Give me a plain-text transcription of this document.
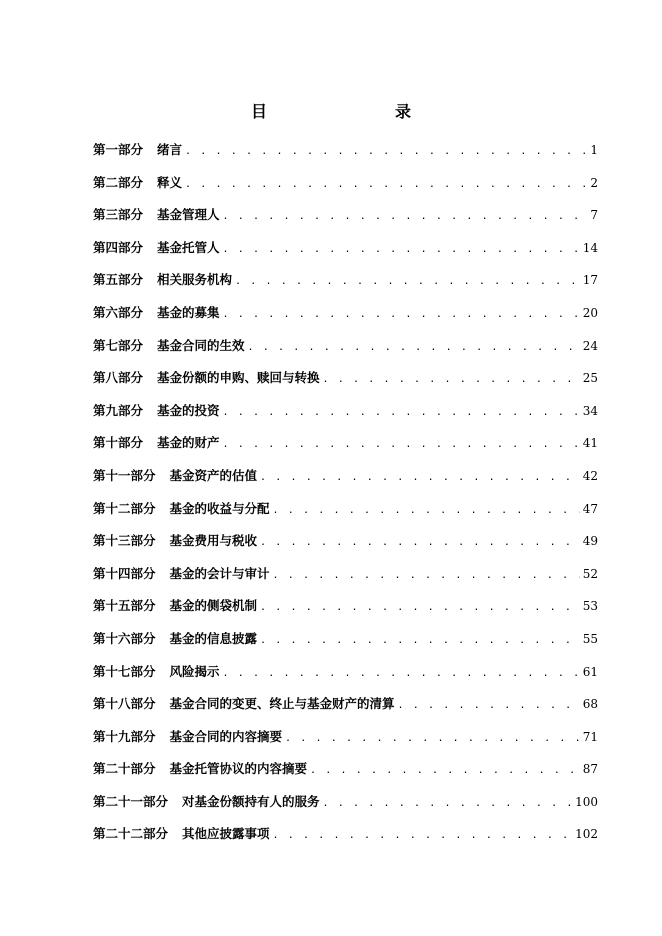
目　　录
第一部分 绪言 . . .	1
第二部分 释义 . . .	2
第三部分 基金管理人 . . .	7
第四部分 基金托管人 . . .	14
第五部分 相关服务机构 . . .	17
第六部分 基金的募集 . . .	20
第七部分 基金合同的生效 . . .	24
第八部分 基金份额的申购、赎回与转换 . . .	25
第九部分 基金的投资 . . .	34
第十部分 基金的财产 . . .	41
第十一部分 基金资产的估值 . . .	42
第十二部分 基金的收益与分配 . . .	47
第十三部分 基金费用与税收 . . .	49
第十四部分 基金的会计与审计 . . .	52
第十五部分 基金的侧袋机制 . . .	53
第十六部分 基金的信息披露 . . .	55
第十七部分 风险揭示 . . .	61
第十八部分 基金合同的变更、终止与基金财产的清算 . . .	68
第十九部分 基金合同的内容摘要 . . .	71
第二十部分 基金托管协议的内容摘要 . . .	87
第二十一部分 对基金份额持有人的服务 . . .	100
第二十二部分 其他应披露事项 . . .	102
